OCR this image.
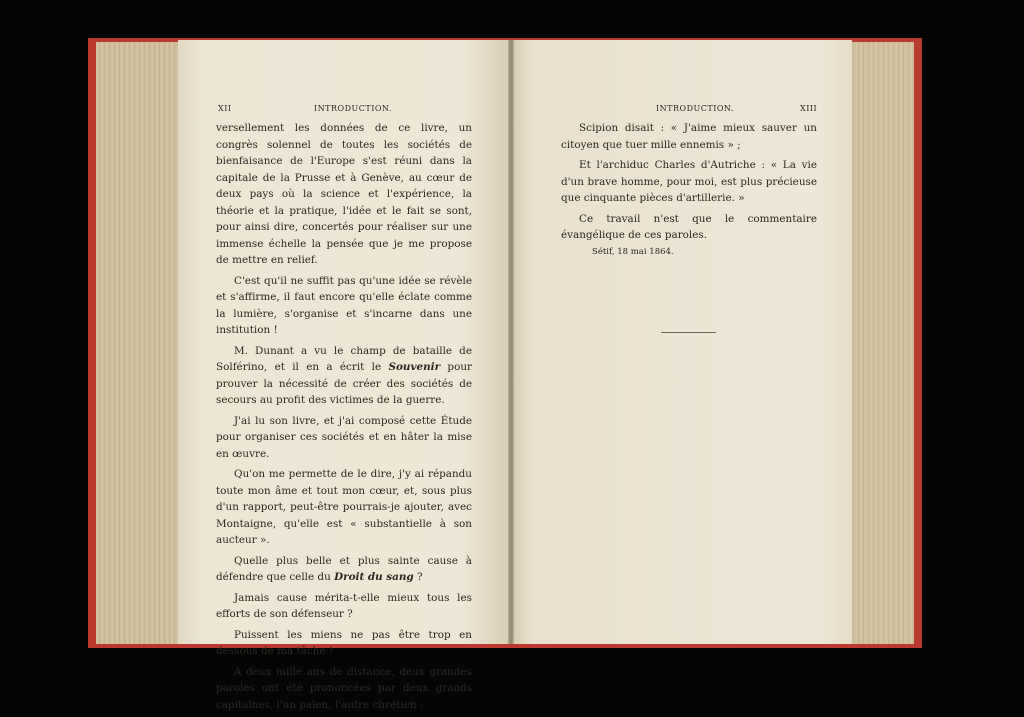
XII	INTRODUCTION.	INTRODUCTION.	XIII

versellement les données de ce livre, un congrès solennel de toutes les sociétés de bienfaisance de l'Europe s'est réuni dans la capitale de la Prusse et à Genève, au cœur de deux pays où la science et l'expérience, la théorie et la pratique, l'idée et le fait se sont, pour ainsi dire, concertés pour réaliser sur une immense échelle la pensée que je me propose de mettre en relief.

C'est qu'il ne suffit pas qu'une idée se révèle et s'affirme, il faut encore qu'elle éclate comme la lumière, s'organise et s'incarne dans une institution !

M. Dunant a vu le champ de bataille de Solférino, et il en a écrit le Souvenir pour prouver la nécessité de créer des sociétés de secours au profit des victimes de la guerre.

J'ai lu son livre, et j'ai composé cette Étude pour organiser ces sociétés et en hâter la mise en œuvre.

Qu'on me permette de le dire, j'y ai répandu toute mon âme et tout mon cœur, et, sous plus d'un rapport, peut-être pourrais-je ajouter, avec Montaigne, qu'elle est « substantielle à son aucteur ».

Quelle plus belle et plus sainte cause à défendre que celle du Droit du sang ?

Jamais cause mérita-t-elle mieux tous les efforts de son défenseur ?

Puissent les miens ne pas être trop en dessous de ma tâche !

A deux mille ans de distance, deux grandes paroles ont été prononcées par deux grands capitaines, l'un païen, l'autre chrétien :

Scipion disait : « J'aime mieux sauver un citoyen que tuer mille ennemis » ;

Et l'archiduc Charles d'Autriche : « La vie d'un brave homme, pour moi, est plus précieuse que cinquante pièces d'artillerie. »

Ce travail n'est que le commentaire évangélique de ces paroles.

Sétif, 18 mai 1864.
